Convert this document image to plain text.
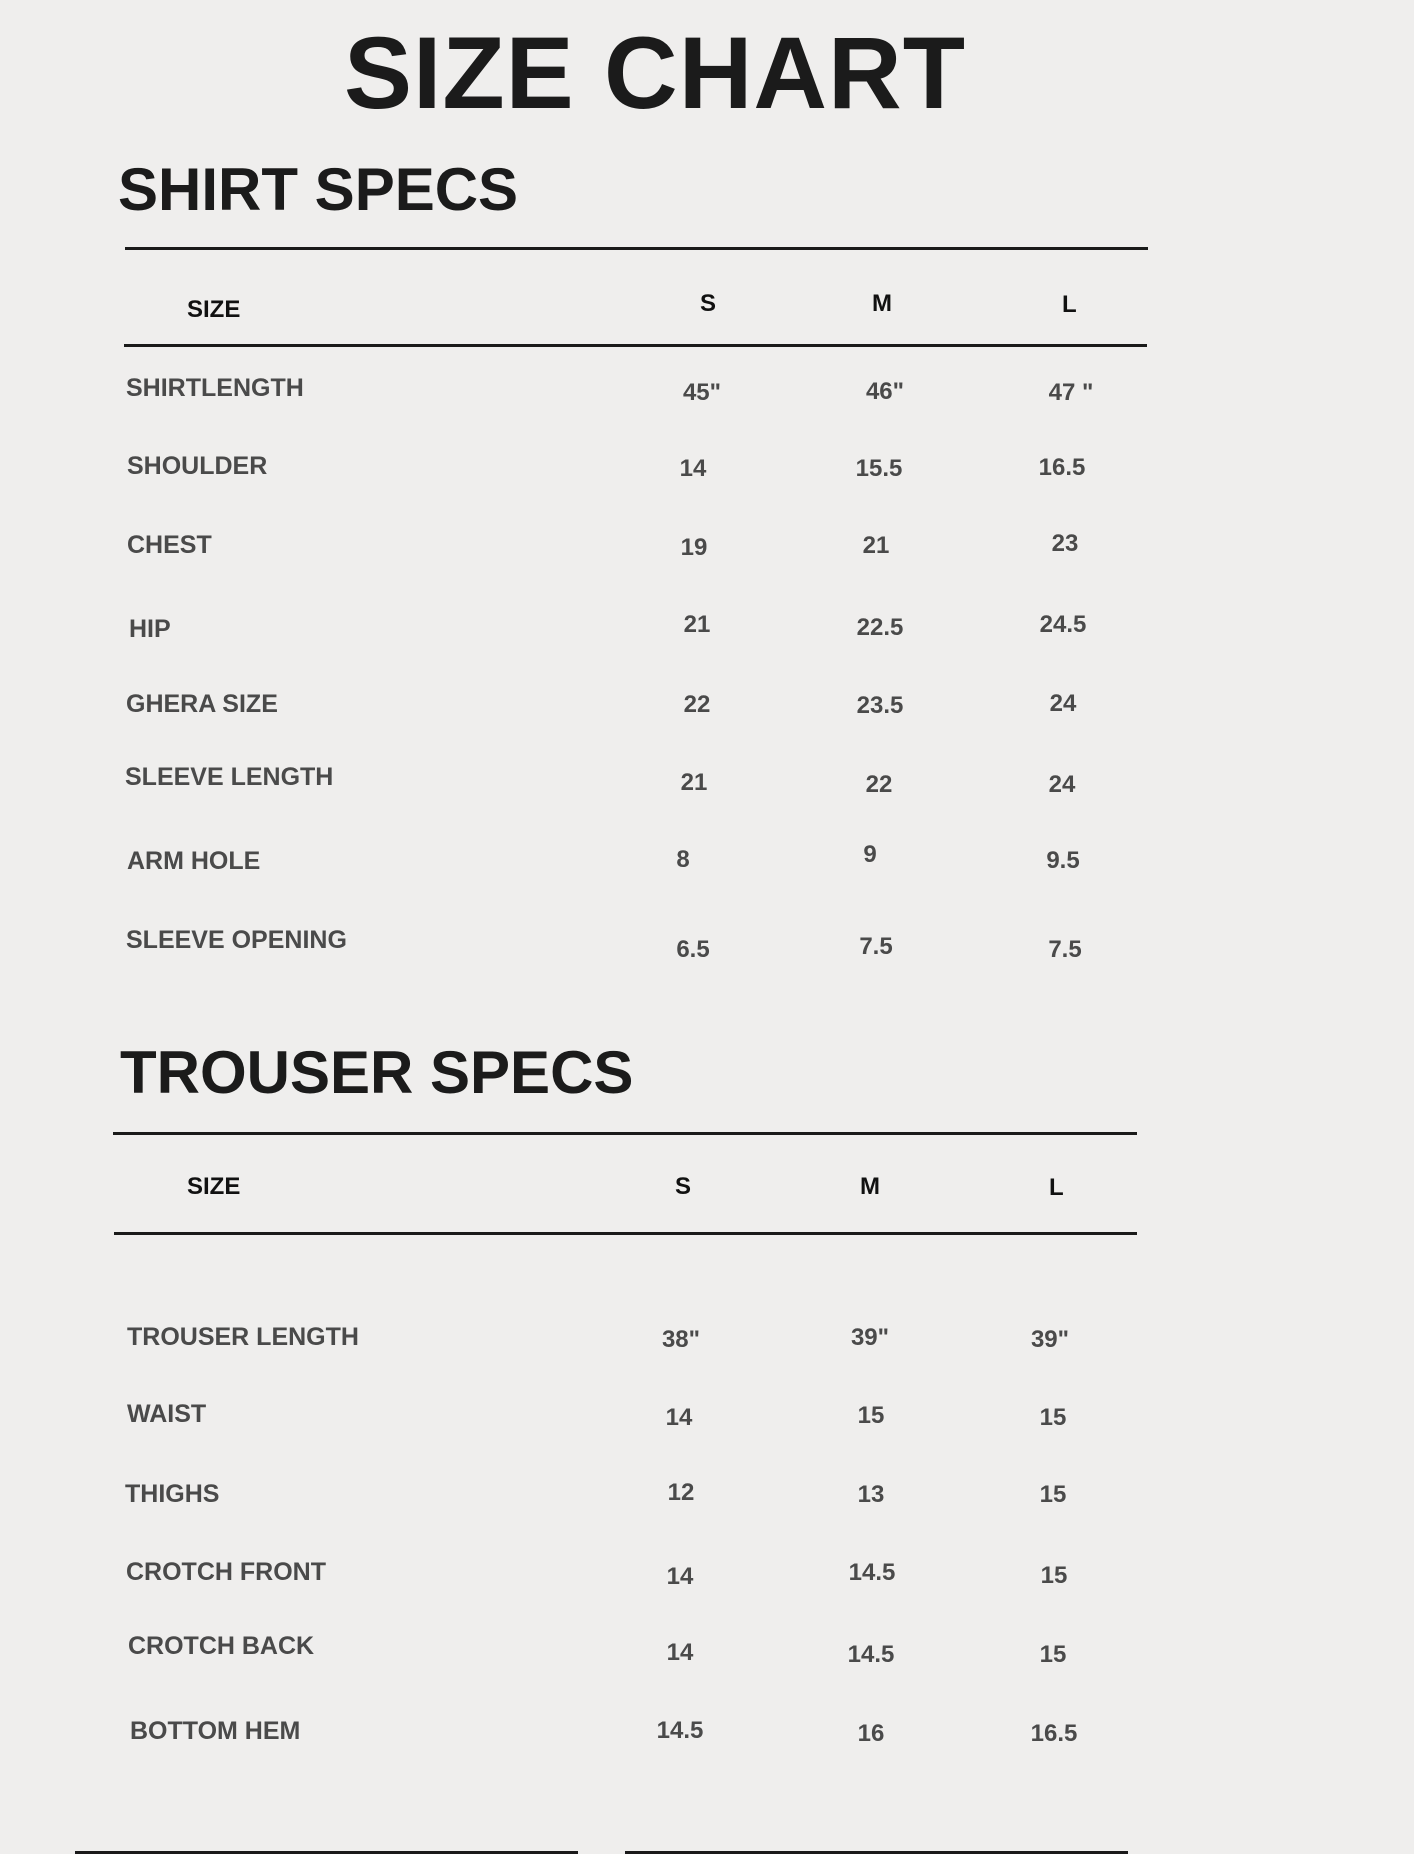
SIZE CHART
SHIRT SPECS
SIZE	S	M	L
SHIRTLENGTH	45"	46"	47 "
SHOULDER	14	15.5	16.5
CHEST	19	21	23
HIP	21	22.5	24.5
GHERA SIZE	22	23.5	24
SLEEVE LENGTH	21	22	24
ARM HOLE	8	9	9.5
SLEEVE OPENING	6.5	7.5	7.5
TROUSER SPECS
SIZE	S	M	L
TROUSER LENGTH	38"	39"	39"
WAIST	14	15	15
THIGHS	12	13	15
CROTCH FRONT	14	14.5	15
CROTCH BACK	14	14.5	15
BOTTOM HEM	14.5	16	16.5
